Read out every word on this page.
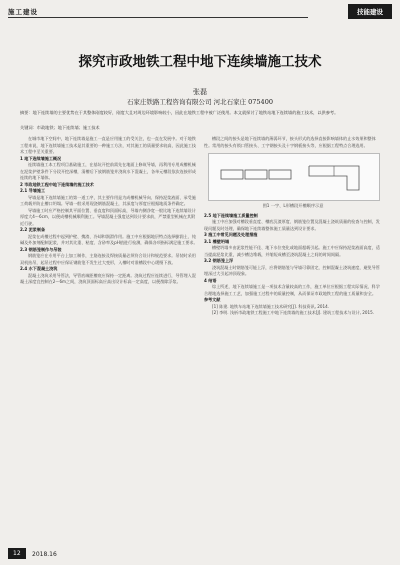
施工建设	技能建设
探究市政地铁工程中地下连续墙施工技术
张磊
石家庄铁路工程咨询有限公司 河北石家庄 075400
摘要：地下连续墙的主要优势在于其整体刚度较好，刚度大且对周边环境影响较小，因此在地铁工程中被广泛使用。本文就探讨了地铁站地下连续墙的施工技术，以供参考。
关键词：市政地铁；地下连续墙；施工技术
在城市地下空间中，地下连续墙是施工一直是应用施工的受关注，也一直在发展中。对于地铁工程来说，地下连续墙施工技术是其重要的一种施工方法，对其施工的质量要求较高，因此施工技术工程中至关重要。
1 地下连续墙施工概况
连续墙施工本工程项目基础施工，在基坑开挖前需先在地面上修筑导墙，再利用专用成槽机械在泥浆护壁条件下分段开挖深槽，清槽后下放钢筋笼并浇筑水下混凝土，各单元槽段依次连接形成连续的地下墙体。
2 市政地铁工程中地下连续墙的施工技术
2.1 导墙施工
导墙是地下连续墙施工的第一道工序，其主要作用是为成槽机械导向、保持泥浆液面、承受施工荷载并防止槽口坍塌。导墙一般采用现浇钢筋混凝土，其深度与厚度应根据地质条件确定。
导墙施工时应严格控制其平面位置、垂直度和顶面标高，导墙内侧净宽一般比地下连续墙设计厚度大4～6cm，以便成槽机械顺利施工。导墙混凝土强度达到设计要求前，严禁重型机械在其附近行驶。
2.2 泥浆制备
泥浆在成槽过程中起到护壁、携渣、冷却和润滑作用。施工中应根据地层特点选择膨润土、纯碱及外加剂配制泥浆，并对其比重、粘度、含砂率及pH值进行检测，确保各项指标满足施工要求。
2.3 钢筋笼制作与吊装
钢筋笼应在专用平台上加工制作，主筋连接及焊接质量必须符合设计和规范要求。吊装时采用双机抬吊，起吊过程中应保证钢筋笼不发生过大变形，入槽时对准槽段中心缓慢下放。
2.4 水下混凝土浇筑
混凝土浇筑采用导管法，导管底端距槽底应保持一定距离。浇筑过程应连续进行，导管埋入混凝土深度宜控制在2～6m之间，浇筑顶面标高应高出设计标高一定高度，以便凿除浮浆。
槽段之间的接头是地下连续墙的薄弱环节，接头形式的选择直接影响墙体的止水效果和整体性。常用的接头有锁口管接头、工字钢接头及十字钢板接头等，应根据工程特点合理选用。
图1 一字、L形槽段开槽顺序示意
2.5 地下连续墙施工质量控制
施工中应加强对槽段垂直度、槽底沉渣厚度、钢筋笼位置及混凝土浇筑质量的检查与控制，发现问题及时处理，确保地下连续墙整体施工质量达到设计要求。
3 施工中常见问题及处理措施
3.1 槽壁坍塌
槽壁坍塌多由泥浆性能不佳、地下水位变化或地面超载引起。施工中应保持泥浆液面高度，适当提高泥浆比重，减少槽边堆载，并缩短成槽至浇筑混凝土之间的时间间隔。
3.2 钢筋笼上浮
浇筑混凝土时钢筋笼可能上浮，应将钢筋笼与导墙可靠固定，控制混凝土浇筑速度，避免导管埋深过大引起冲顶现象。
4 结语
综上所述，地下连续墙施工是一项技术含量较高的工作，施工单位应根据工程实际情况，科学合理地选择施工工艺，加强施工过程中的质量控制，从而保证市政地铁工程的施工质量和安全。
参考文献
[1] 陈建. 地铁车站地下连续墙施工技术研究[J]. 科技资讯, 2014.
[2] 李明. 浅析市政地铁工程施工中地下连续墙的施工技术[J]. 建筑工程技术与设计, 2015.
12	2018.16
